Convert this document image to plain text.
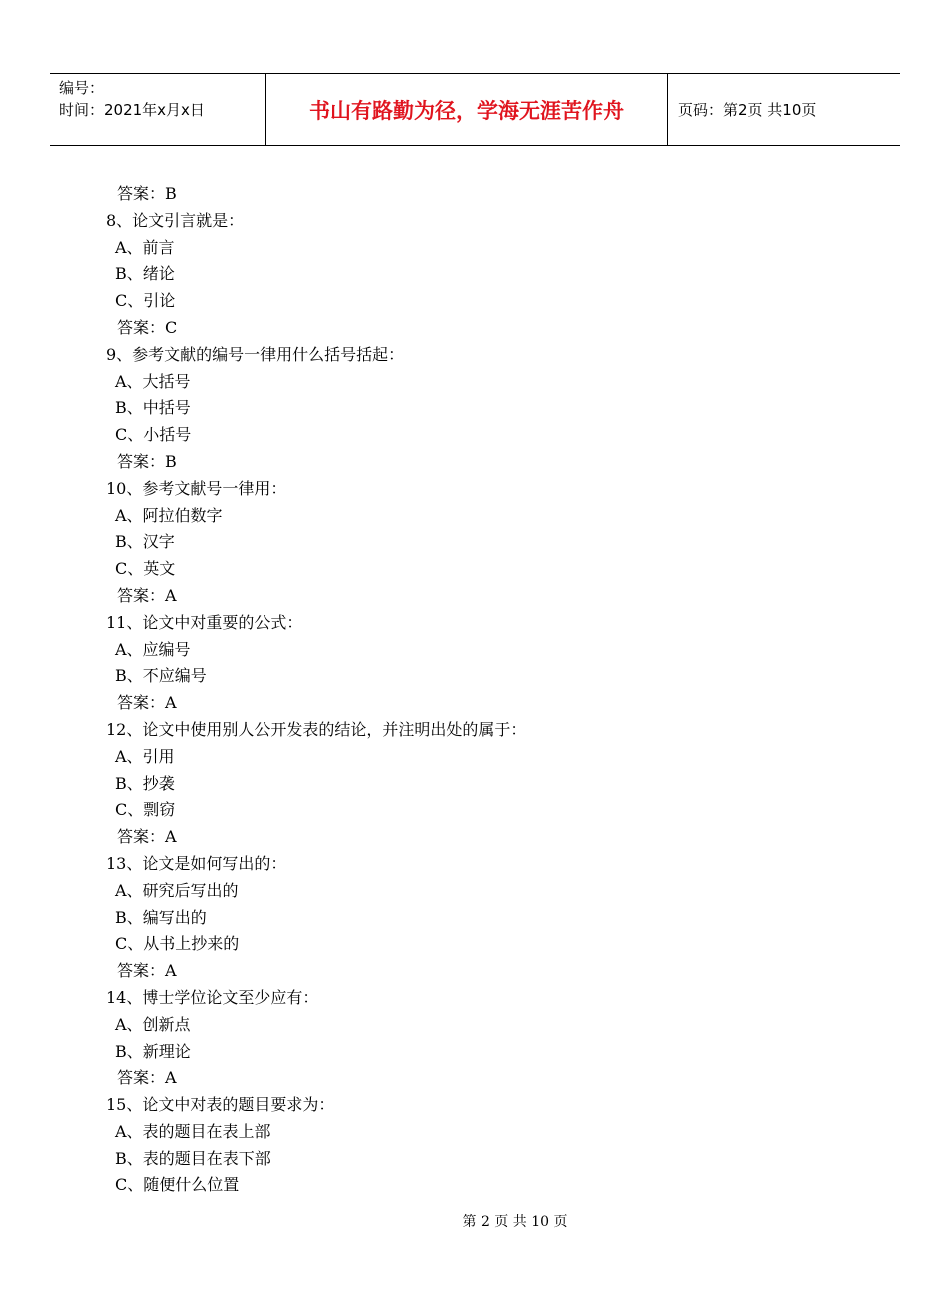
编号：
时间：2021年x月x日	书山有路勤为径，学海无涯苦作舟	页码：第2页 共10页
答案：B
8、论文引言就是：
A、前言
B、绪论
C、引论
答案：C
9、参考文献的编号一律用什么括号括起：
A、大括号
B、中括号
C、小括号
答案：B
10、参考文献号一律用：
A、阿拉伯数字
B、汉字
C、英文
答案：A
11、论文中对重要的公式：
A、应编号
B、不应编号
答案：A
12、论文中使用别人公开发表的结论，并注明出处的属于：
A、引用
B、抄袭
C、剽窃
答案：A
13、论文是如何写出的：
A、研究后写出的
B、编写出的
C、从书上抄来的
答案：A
14、博士学位论文至少应有：
A、创新点
B、新理论
答案：A
15、论文中对表的题目要求为：
A、表的题目在表上部
B、表的题目在表下部
C、随便什么位置
第 2 页 共 10 页
